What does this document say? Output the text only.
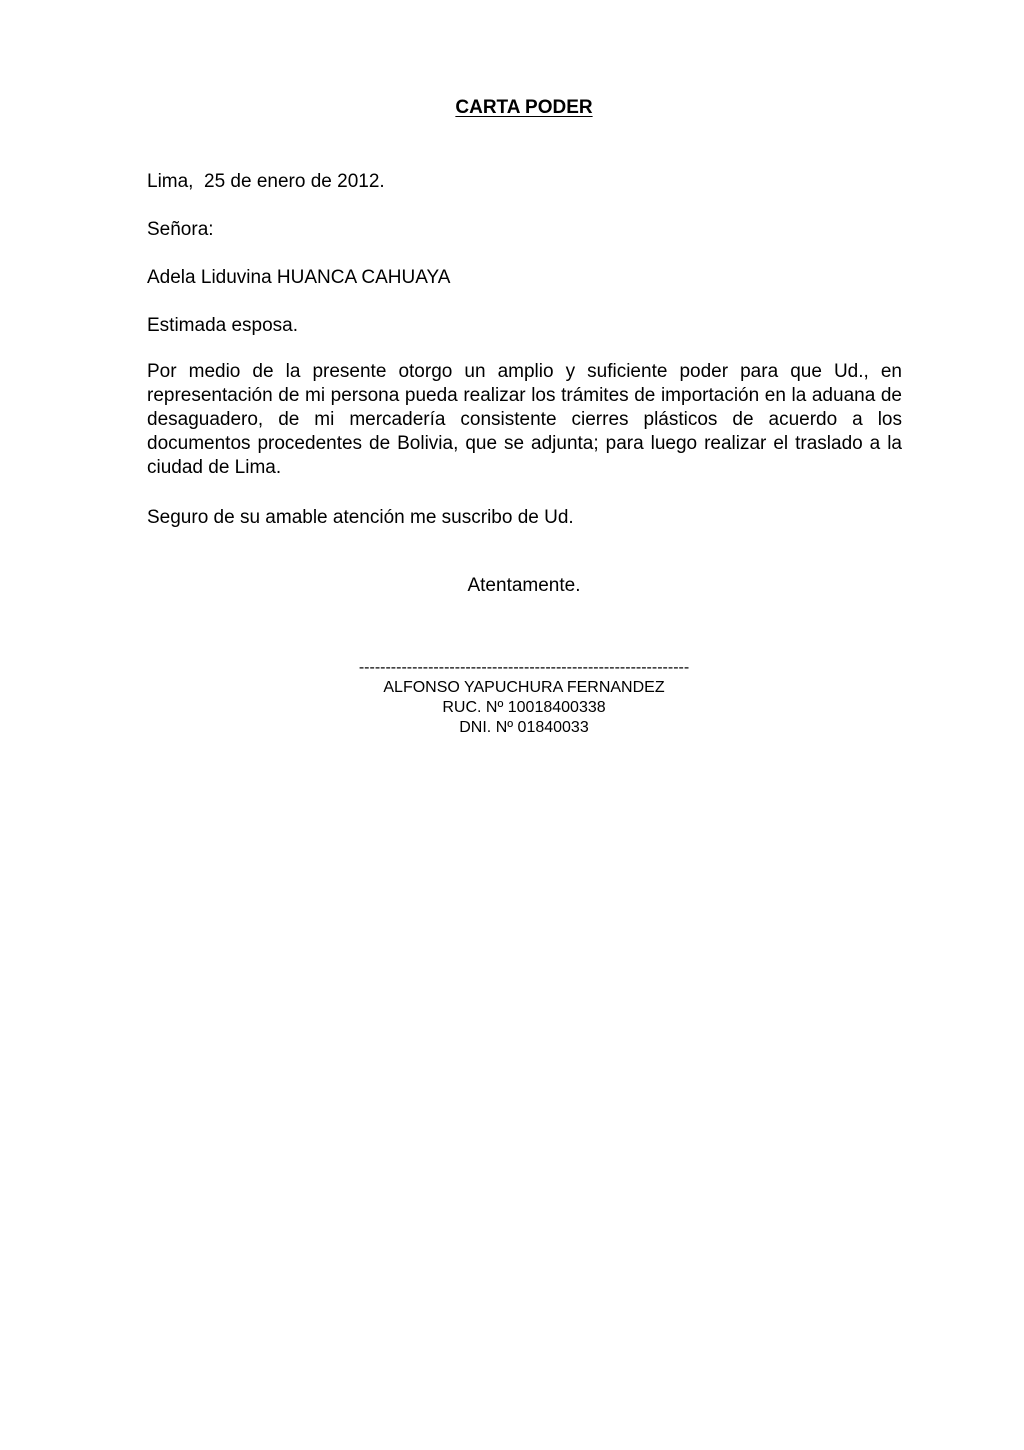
CARTA PODER
Lima,  25 de enero de 2012.
Señora:
Adela Liduvina HUANCA CAHUAYA
Estimada esposa.
Por medio de la presente otorgo un amplio y suficiente poder para que Ud., en representación de mi persona pueda realizar los trámites de importación en la aduana de desaguadero, de mi mercadería consistente cierres plásticos de acuerdo a los documentos procedentes de Bolivia, que se adjunta; para luego realizar el traslado a la ciudad de Lima.
Seguro de su amable atención me suscribo de Ud.
Atentamente.
--------------------------------------------------------------
ALFONSO YAPUCHURA FERNANDEZ
RUC. Nº 10018400338
DNI. Nº 01840033
